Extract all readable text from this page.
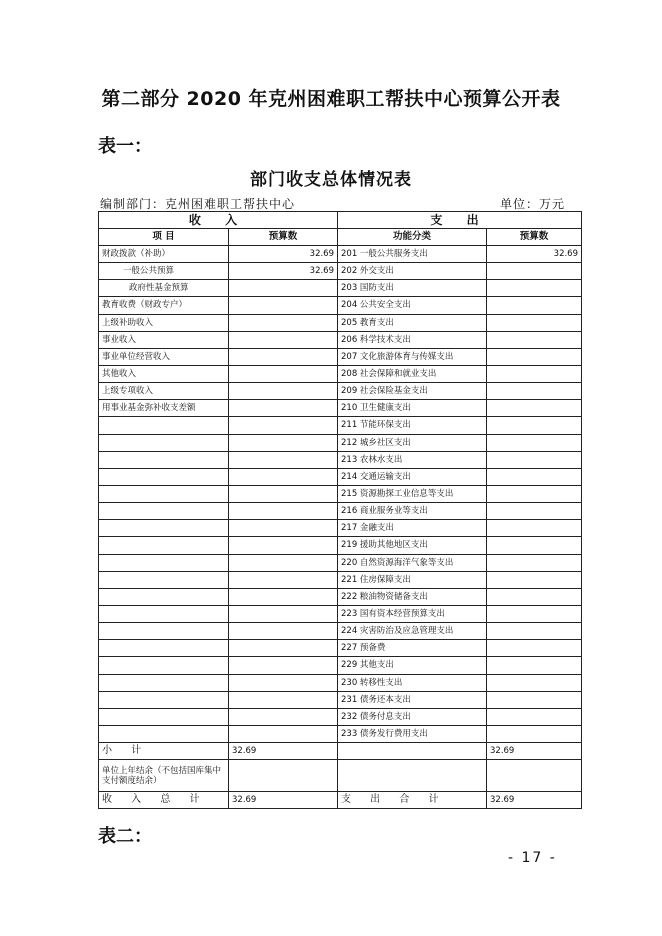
第二部分 2020 年克州困难职工帮扶中心预算公开表
表一：
部门收支总体情况表
编制部门：克州困难职工帮扶中心	单位：万元
收 入		支 出	
项 目	预算数	功能分类	预算数
财政拨款（补助）	32.69	201 一般公共服务支出	32.69
一般公共预算	32.69	202 外交支出	
政府性基金预算		203 国防支出	
教育收费（财政专户）		204 公共安全支出	
上级补助收入		205 教育支出	
事业收入		206 科学技术支出	
事业单位经营收入		207 文化旅游体育与传媒支出	
其他收入		208 社会保障和就业支出	
上级专项收入		209 社会保险基金支出	
用事业基金弥补收支差额		210 卫生健康支出	
		211 节能环保支出	
		212 城乡社区支出	
		213 农林水支出	
		214 交通运输支出	
		215 资源勘探工业信息等支出	
		216 商业服务业等支出	
		217 金融支出	
		219 援助其他地区支出	
		220 自然资源海洋气象等支出	
		221 住房保障支出	
		222 粮油物资储备支出	
		223 国有资本经营预算支出	
		224 灾害防治及应急管理支出	
		227 预备费	
		229 其他支出	
		230 转移性支出	
		231 债务还本支出	
		232 债务付息支出	
		233 债务发行费用支出	
小 计	32.69		32.69
单位上年结余（不包括国库集中支付额度结余）			
收 入 总 计	32.69	支 出 合 计	32.69
表二：
- 17 -
